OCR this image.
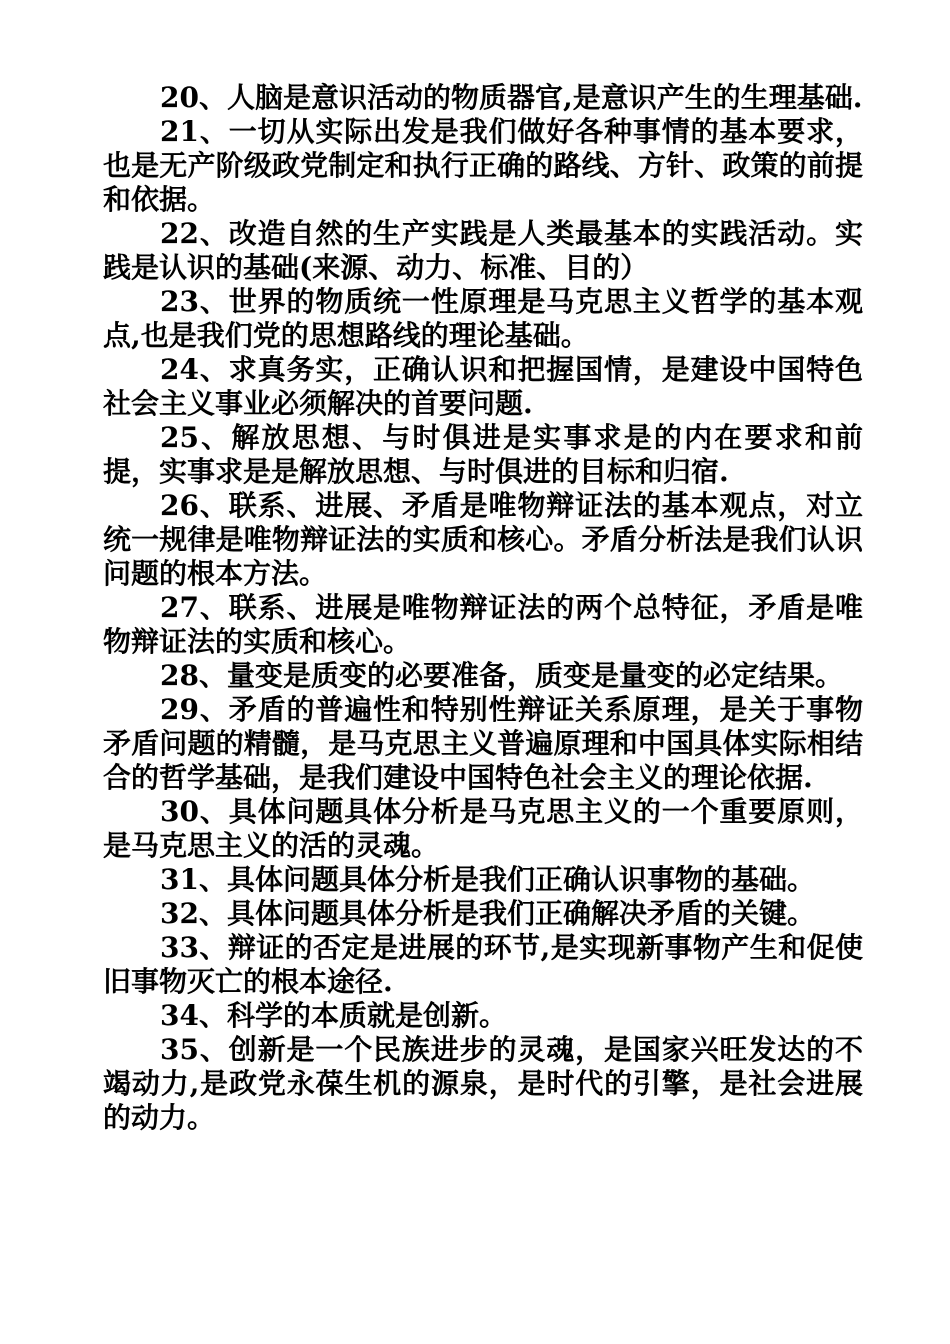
20、人脑是意识活动的物质器官,是意识产生的生理基础.

21、一切从实际出发是我们做好各种事情的基本要求，也是无产阶级政党制定和执行正确的路线、方针、政策的前提和依据。

22、改造自然的生产实践是人类最基本的实践活动。实践是认识的基础(来源、动力、标准、目的）

23、世界的物质统一性原理是马克思主义哲学的基本观点,也是我们党的思想路线的理论基础。

24、求真务实，正确认识和把握国情，是建设中国特色社会主义事业必须解决的首要问题.

25、解放思想、与时俱进是实事求是的内在要求和前提，实事求是是解放思想、与时俱进的目标和归宿.

26、联系、进展、矛盾是唯物辩证法的基本观点，对立统一规律是唯物辩证法的实质和核心。矛盾分析法是我们认识问题的根本方法。

27、联系、进展是唯物辩证法的两个总特征，矛盾是唯物辩证法的实质和核心。

28、量变是质变的必要准备，质变是量变的必定结果。

29、矛盾的普遍性和特别性辩证关系原理，是关于事物矛盾问题的精髓，是马克思主义普遍原理和中国具体实际相结合的哲学基础，是我们建设中国特色社会主义的理论依据.

30、具体问题具体分析是马克思主义的一个重要原则，是马克思主义的活的灵魂。

31、具体问题具体分析是我们正确认识事物的基础。

32、具体问题具体分析是我们正确解决矛盾的关键。

33、辩证的否定是进展的环节,是实现新事物产生和促使旧事物灭亡的根本途径.

34、科学的本质就是创新。

35、创新是一个民族进步的灵魂，是国家兴旺发达的不竭动力,是政党永葆生机的源泉，是时代的引擎，是社会进展的动力。
